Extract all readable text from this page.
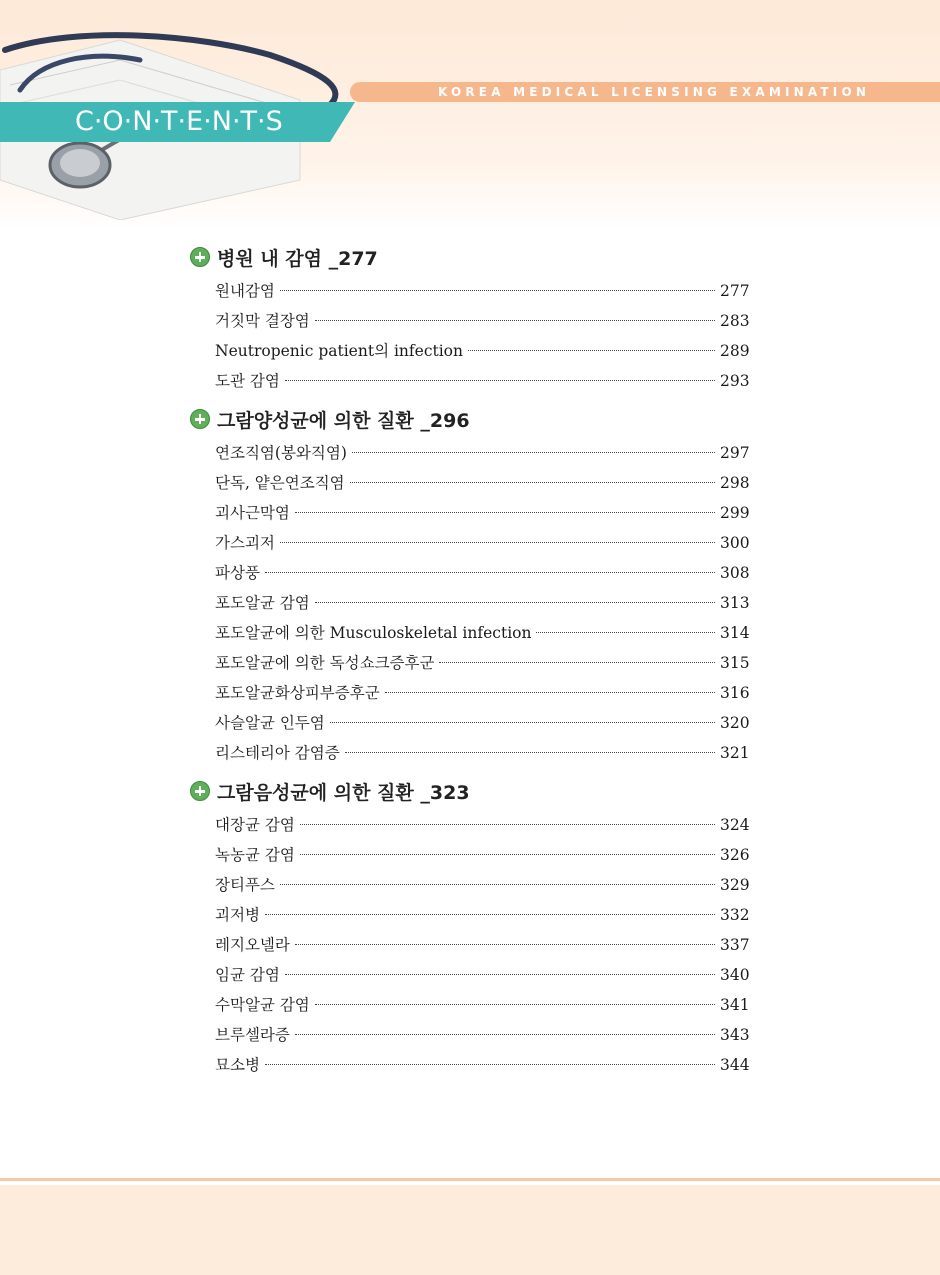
C·O·N·T·E·N·T·S
KOREA MEDICAL LICENSING EXAMINATION
병원 내 감염 _277
원내감염	277
거짓막 결장염	283
Neutropenic patient의 infection	289
도관 감염	293
그람양성균에 의한 질환 _296
연조직염(봉와직염)	297
단독, 얕은연조직염	298
괴사근막염	299
가스괴저	300
파상풍	308
포도알균 감염	313
포도알균에 의한 Musculoskeletal infection	314
포도알균에 의한 독성쇼크증후군	315
포도알균화상피부증후군	316
사슬알균 인두염	320
리스테리아 감염증	321
그람음성균에 의한 질환 _323
대장균 감염	324
녹농균 감염	326
장티푸스	329
괴저병	332
레지오넬라	337
임균 감염	340
수막알균 감염	341
브루셀라증	343
묘소병	344
